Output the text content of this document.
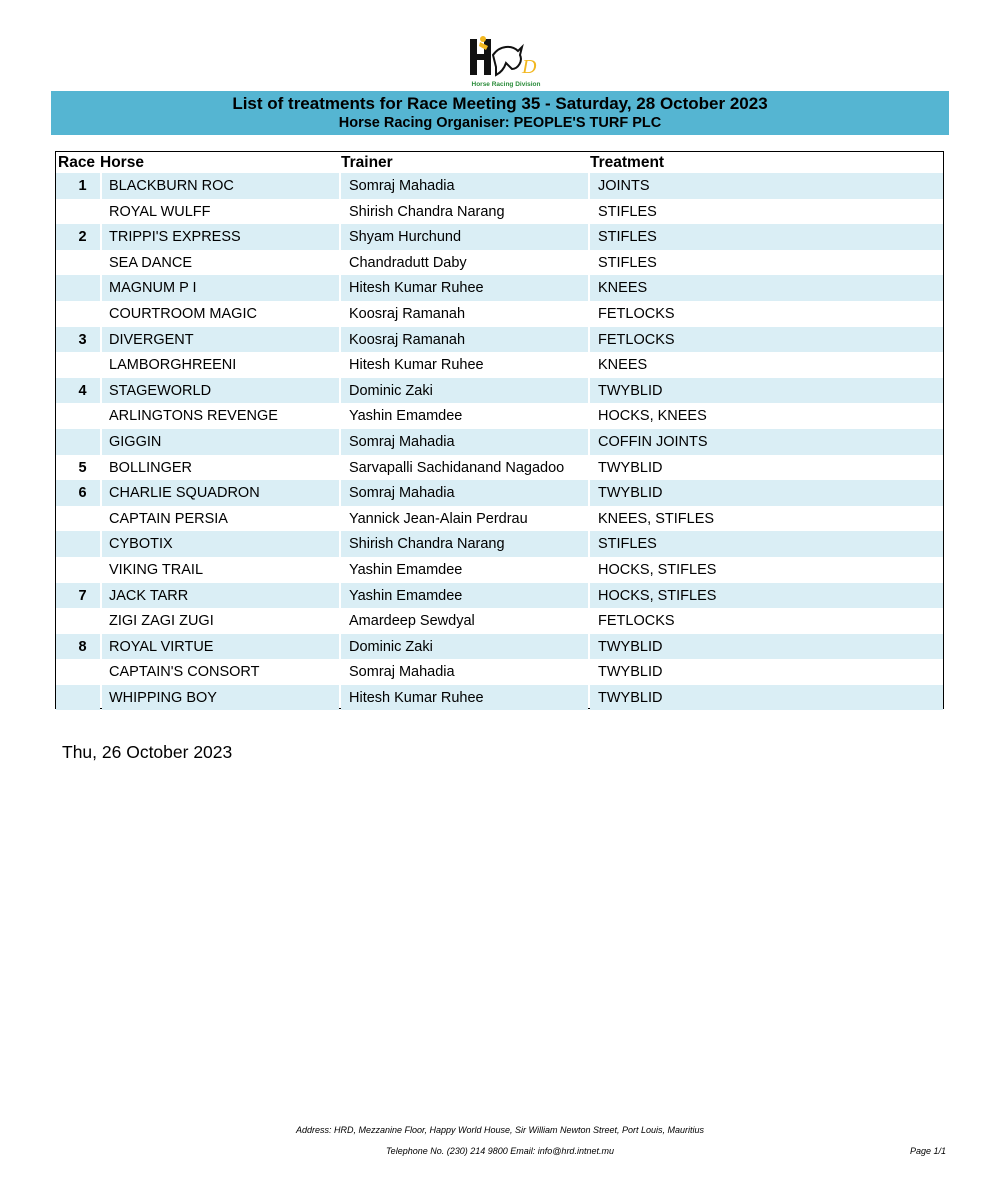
D
Horse Racing Division
List of treatments for Race Meeting 35 - Saturday, 28 October 2023
Horse Racing Organiser: PEOPLE'S TURF PLC
Race Horse	Trainer	Treatment
1	BLACKBURN ROC	Somraj Mahadia	JOINTS
ROYAL WULFF	Shirish Chandra Narang	STIFLES
2	TRIPPI'S EXPRESS	Shyam Hurchund	STIFLES
SEA DANCE	Chandradutt Daby	STIFLES
MAGNUM P I	Hitesh Kumar Ruhee	KNEES
COURTROOM MAGIC	Koosraj Ramanah	FETLOCKS
3	DIVERGENT	Koosraj Ramanah	FETLOCKS
LAMBORGHREENI	Hitesh Kumar Ruhee	KNEES
4	STAGEWORLD	Dominic Zaki	TWYBLID
ARLINGTONS REVENGE	Yashin Emamdee	HOCKS, KNEES
GIGGIN	Somraj Mahadia	COFFIN JOINTS
5	BOLLINGER	Sarvapalli Sachidanand Nagadoo TWYBLID
6	CHARLIE SQUADRON	Somraj Mahadia	TWYBLID
CAPTAIN PERSIA	Yannick Jean-Alain Perdrau	KNEES, STIFLES
CYBOTIX	Shirish Chandra Narang	STIFLES
VIKING TRAIL	Yashin Emamdee	HOCKS, STIFLES
7	JACK TARR	Yashin Emamdee	HOCKS, STIFLES
ZIGI ZAGI ZUGI	Amardeep Sewdyal	FETLOCKS
8	ROYAL VIRTUE	Dominic Zaki	TWYBLID
CAPTAIN'S CONSORT	Somraj Mahadia	TWYBLID
WHIPPING BOY	Hitesh Kumar Ruhee	TWYBLID
Thu, 26 October 2023
Address: HRD, Mezzanine Floor, Happy World House, Sir William Newton Street, Port Louis, Mauritius
Telephone No. (230) 214 9800 Email: info@hrd.intnet.mu	Page 1/1
